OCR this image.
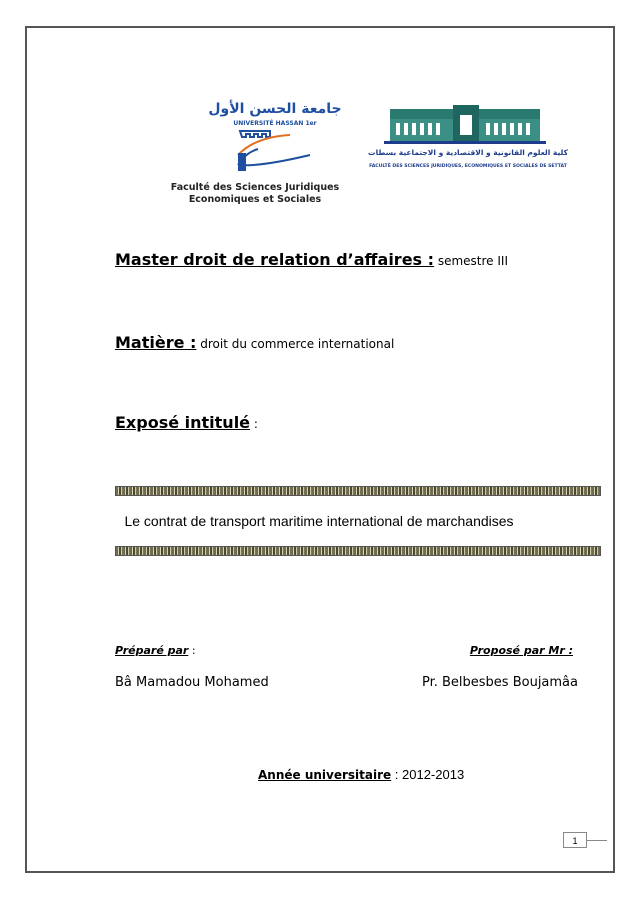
جامعة الحسن الأول
UNIVERSITÉ HASSAN 1er
Faculté des Sciences Juridiques
Economiques et Sociales
كلية العلوم القانونية و الاقتصادية و الاجتماعية بسطات
FACULTÉ DES SCIENCES JURIDIQUES, ECONOMIQUES ET SOCIALES DE SETTAT
Master droit de relation d’affaires : semestre III
Matière : droit du commerce international
Exposé intitulé :
Le contrat de transport maritime international de marchandises
Préparé par :	Proposé par Mr :
Bâ Mamadou Mohamed	Pr. Belbesbes Boujamâa
Année universitaire : 2012-2013
1
